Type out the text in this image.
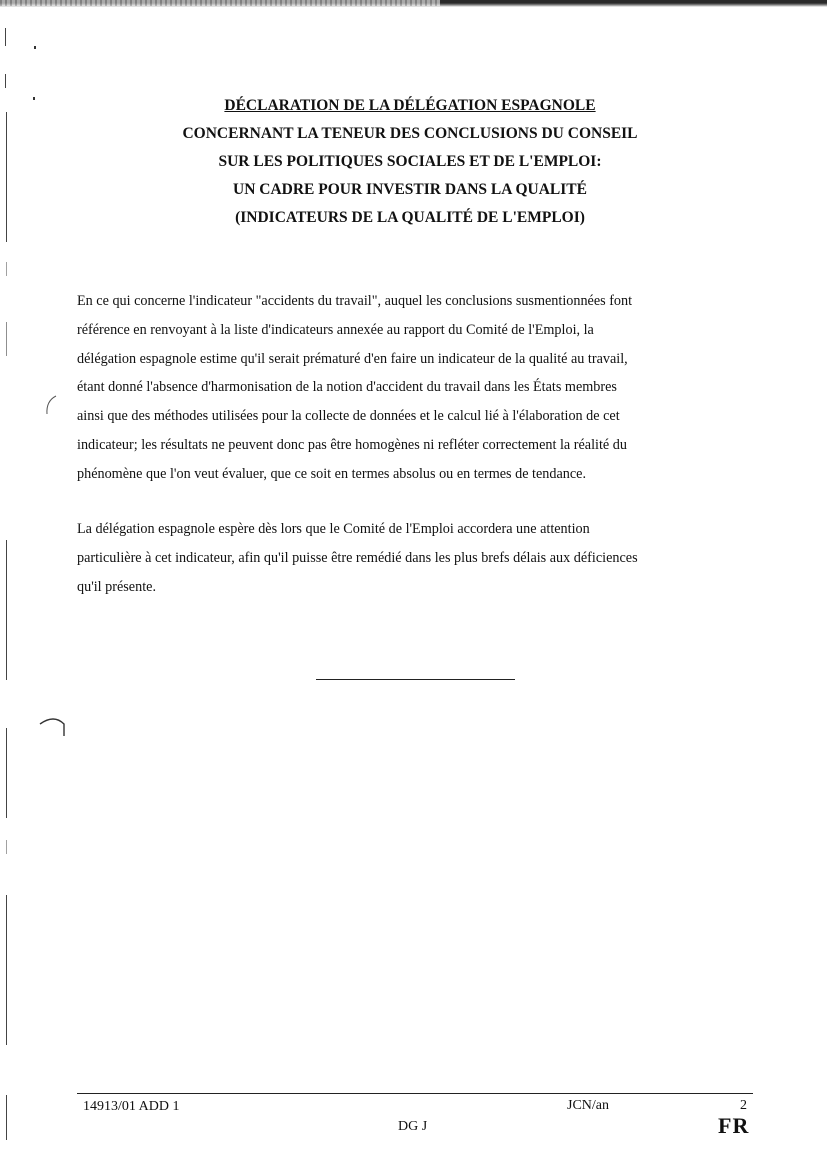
DÉCLARATION DE LA DÉLÉGATION ESPAGNOLE
CONCERNANT LA TENEUR DES CONCLUSIONS DU CONSEIL
SUR LES POLITIQUES SOCIALES ET DE L'EMPLOI:
UN CADRE POUR INVESTIR DANS LA QUALITÉ
(INDICATEURS DE LA QUALITÉ DE L'EMPLOI)

En ce qui concerne l'indicateur "accidents du travail", auquel les conclusions susmentionnées font
référence en renvoyant à la liste d'indicateurs annexée au rapport du Comité de l'Emploi, la
délégation espagnole estime qu'il serait prématuré d'en faire un indicateur de la qualité au travail,
étant donné l'absence d'harmonisation de la notion d'accident du travail dans les États membres
ainsi que des méthodes utilisées pour la collecte de données et le calcul lié à l'élaboration de cet
indicateur; les résultats ne peuvent donc pas être homogènes ni refléter correctement la réalité du
phénomène que l'on veut évaluer, que ce soit en termes absolus ou en termes de tendance.

La délégation espagnole espère dès lors que le Comité de l'Emploi accordera une attention
particulière à cet indicateur, afin qu'il puisse être remédié dans les plus brefs délais aux déficiences
qu'il présente.

14913/01 ADD 1
DG J
JCN/an	2
FR
